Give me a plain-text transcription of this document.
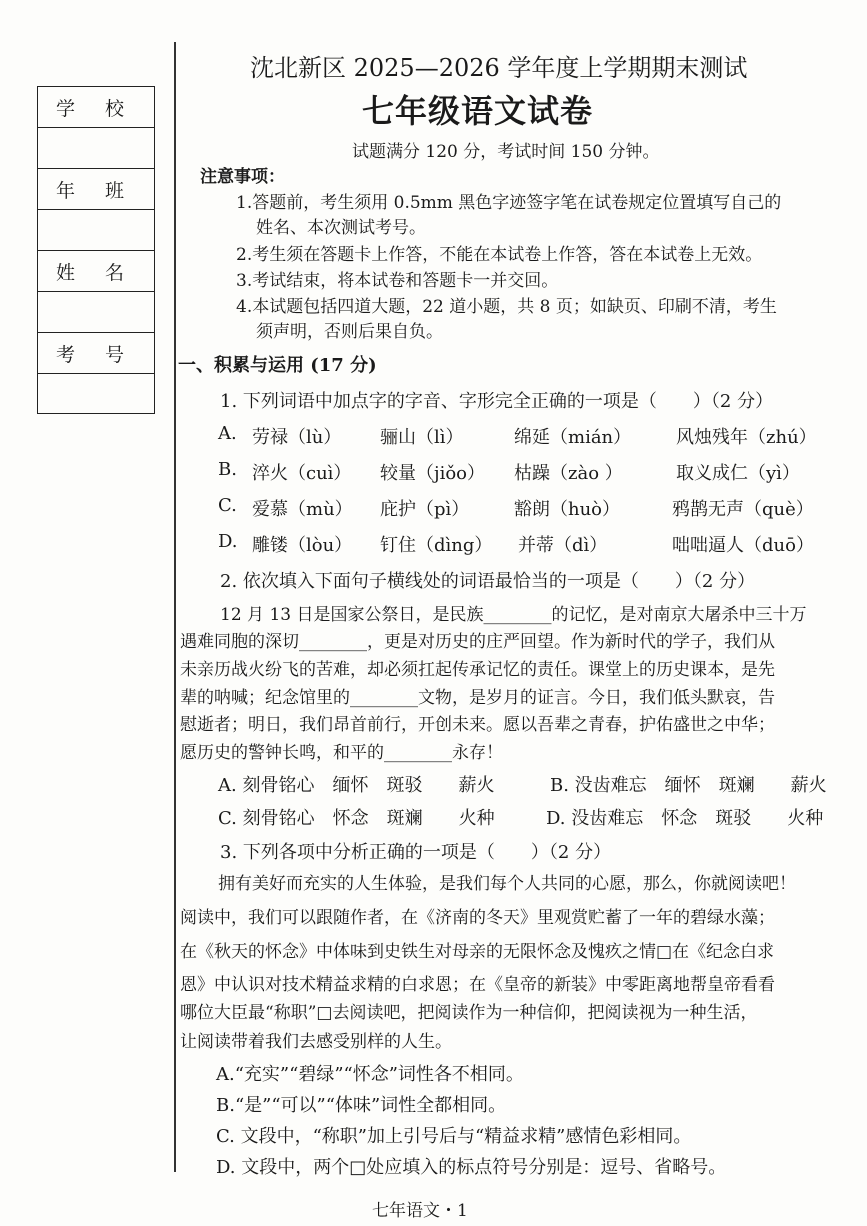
学 校
年 班
姓 名
考 号
沈北新区 2025—2026 学年度上学期期末测试
七年级语文试卷
试题满分 120 分，考试时间 150 分钟。
注意事项：
1.答题前，考生须用 0.5mm 黑色字迹签字笔在试卷规定位置填写自己的
姓名、本次测试考号。
2.考生须在答题卡上作答，不能在本试卷上作答，答在本试卷上无效。
3.考试结束，将本试卷和答题卡一并交回。
4.本试题包括四道大题，22 道小题，共 8 页；如缺页、印刷不清，考生
须声明，否则后果自负。
一、积累与运用 (17 分)
1. 下列词语中加点字的字音、字形完全正确的一项是（　　）（2 分）
A. 劳禄（lù） 骊山（lì）	绵延（mián） 风烛残年（zhú）
B. 淬火（cuì） 较量（jiǒo） 枯躁（zào ）	取义成仁（yì）
C. 爱慕（mù） 庇护（pì） 豁朗（huò）	鸦鹊无声（què）
D. 雕镂（lòu） 钉住（dìng） 并蒂（dì）	咄咄逼人（duō）
2. 依次填入下面句子横线处的词语最恰当的一项是（　　）（2 分）
12 月 13 日是国家公祭日，是民族________的记忆，是对南京大屠杀中三十万
遇难同胞的深切________，更是对历史的庄严回望。作为新时代的学子，我们从
未亲历战火纷飞的苦难，却必须扛起传承记忆的责任。课堂上的历史课本，是先
辈的呐喊；纪念馆里的________文物，是岁月的证言。今日，我们低头默哀，告
慰逝者；明日，我们昂首前行，开创未来。愿以吾辈之青春，护佑盛世之中华；
愿历史的警钟长鸣，和平的________永存！
A. 刻骨铭心　缅怀　斑驳　　薪火	B. 没齿难忘　缅怀　斑斓　　薪火
C. 刻骨铭心　怀念　斑斓　　火种	D. 没齿难忘　怀念　斑驳　　火种
3. 下列各项中分析正确的一项是（　　）（2 分）
拥有美好而充实的人生体验，是我们每个人共同的心愿，那么，你就阅读吧！
阅读中，我们可以跟随作者，在《济南的冬天》里观赏贮蓄了一年的碧绿水藻；
在《秋天的怀念》中体味到史铁生对母亲的无限怀念及愧疚之情□在《纪念白求
恩》中认识对技术精益求精的白求恩；在《皇帝的新装》中零距离地帮皇帝看看
哪位大臣最“称职”□去阅读吧，把阅读作为一种信仰，把阅读视为一种生活，
让阅读带着我们去感受别样的人生。
A.“充实”“碧绿”“怀念”词性各不相同。
B.“是”“可以”“体味”词性全都相同。
C. 文段中，“称职”加上引号后与“精益求精”感情色彩相同。
D. 文段中，两个□处应填入的标点符号分别是：逗号、省略号。
七年语文・1
